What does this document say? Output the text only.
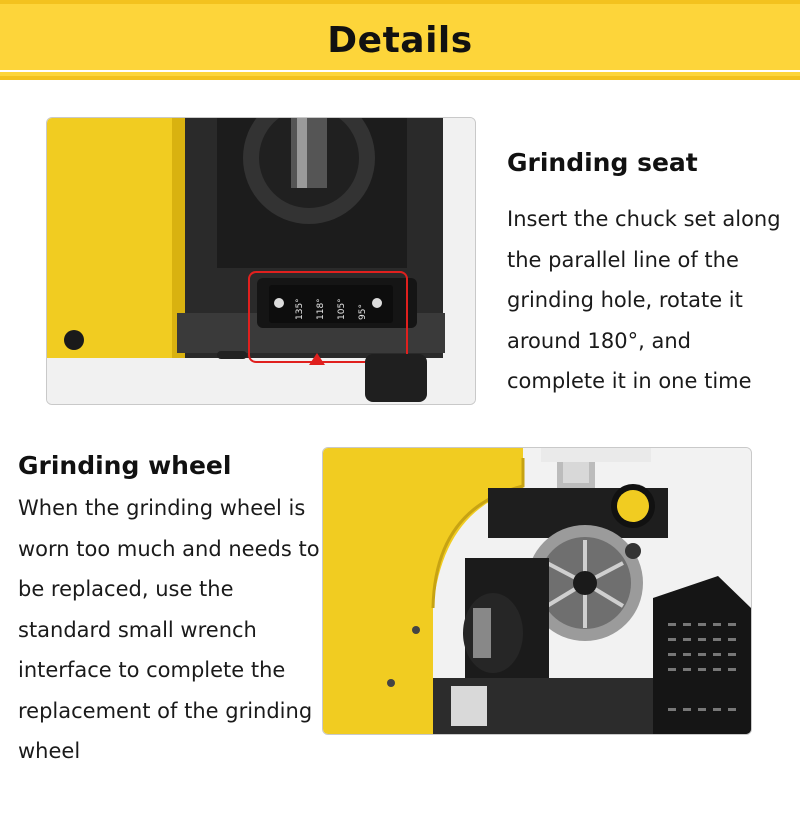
Details
135° 118° 105° 95°
Grinding seat

Insert the chuck set along the parallel line of the grinding hole, rotate it around 180°, and complete it in one time

Grinding wheel

When the grinding wheel is worn too much and needs to be replaced, use the standard small wrench interface to complete the replacement of the grinding wheel
